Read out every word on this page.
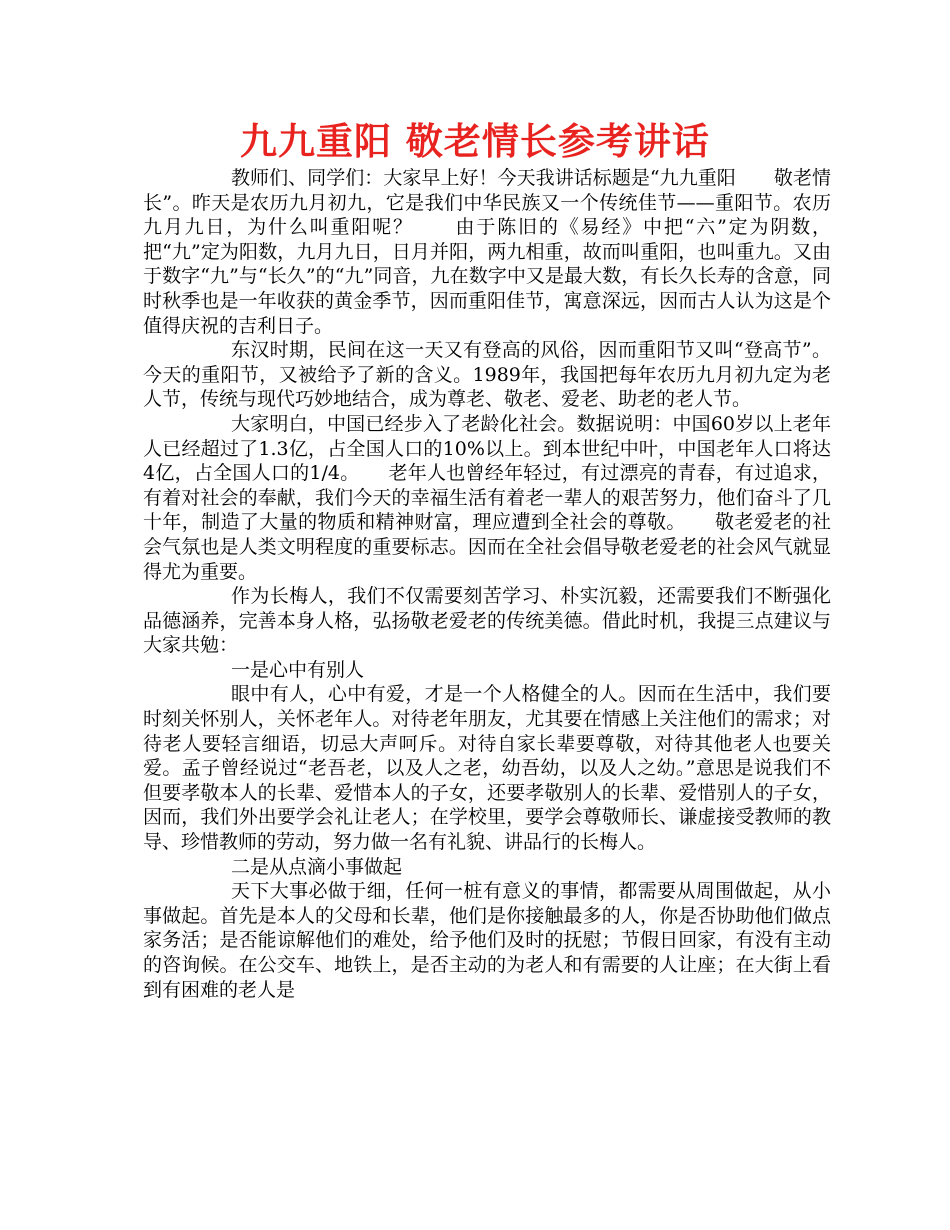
九九重阳 敬老情长参考讲话

教师们、同学们：大家早上好！今天我讲话标题是“九九重阳　　敬老情长”。昨天是农历九月初九，它是我们中华民族又一个传统佳节——重阳节。农历九月九日，为什么叫重阳呢？　　由于陈旧的《易经》中把“六”定为阴数，把“九”定为阳数，九月九日，日月并阳，两九相重，故而叫重阳，也叫重九。又由于数字“九”与“长久”的“九”同音，九在数字中又是最大数，有长久长寿的含意，同时秋季也是一年收获的黄金季节，因而重阳佳节，寓意深远，因而古人认为这是个值得庆祝的吉利日子。

东汉时期，民间在这一天又有登高的风俗，因而重阳节又叫“登高节”。今天的重阳节，又被给予了新的含义。1989年，我国把每年农历九月初九定为老人节，传统与现代巧妙地结合，成为尊老、敬老、爱老、助老的老人节。

大家明白，中国已经步入了老龄化社会。数据说明：中国60岁以上老年人已经超过了1.3亿，占全国人口的10%以上。到本世纪中叶，中国老年人口将达4亿，占全国人口的1/4。　　老年人也曾经年轻过，有过漂亮的青春，有过追求，有着对社会的奉献，我们今天的幸福生活有着老一辈人的艰苦努力，他们奋斗了几十年，制造了大量的物质和精神财富，理应遭到全社会的尊敬。　　敬老爱老的社会气氛也是人类文明程度的重要标志。因而在全社会倡导敬老爱老的社会风气就显得尤为重要。

作为长梅人，我们不仅需要刻苦学习、朴实沉毅，还需要我们不断强化品德涵养，完善本身人格，弘扬敬老爱老的传统美德。借此时机，我提三点建议与大家共勉：

一是心中有别人

眼中有人，心中有爱，才是一个人格健全的人。因而在生活中，我们要时刻关怀别人，关怀老年人。对待老年朋友，尤其要在情感上关注他们的需求；对待老人要轻言细语，切忌大声呵斥。对待自家长辈要尊敬，对待其他老人也要关爱。孟子曾经说过“老吾老，以及人之老，幼吾幼，以及人之幼。”意思是说我们不但要孝敬本人的长辈、爱惜本人的子女，还要孝敬别人的长辈、爱惜别人的子女，因而，我们外出要学会礼让老人；在学校里，要学会尊敬师长、谦虚接受教师的教导、珍惜教师的劳动，努力做一名有礼貌、讲品行的长梅人。

二是从点滴小事做起

天下大事必做于细，任何一桩有意义的事情，都需要从周围做起，从小事做起。首先是本人的父母和长辈，他们是你接触最多的人，你是否协助他们做点家务活；是否能谅解他们的难处，给予他们及时的抚慰；节假日回家，有没有主动的咨询候。在公交车、地铁上，是否主动的为老人和有需要的人让座；在大街上看到有困难的老人是
